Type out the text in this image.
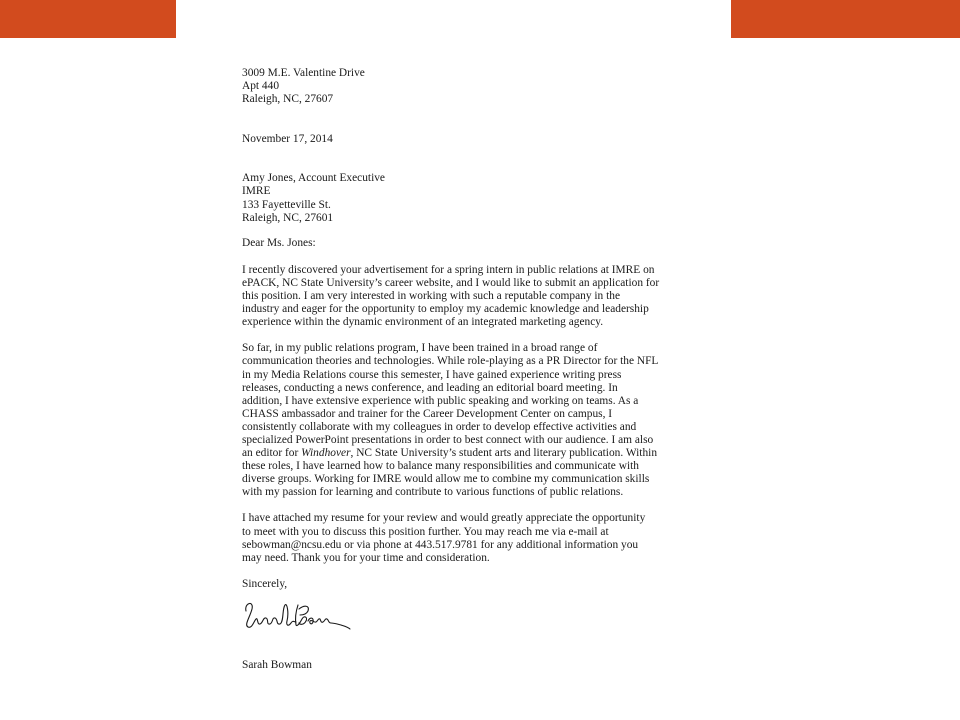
3009 M.E. Valentine Drive
Apt 440
Raleigh, NC, 27607
November 17, 2014
Amy Jones, Account Executive
IMRE
133 Fayetteville St.
Raleigh, NC, 27601
Dear Ms. Jones:
I recently discovered your advertisement for a spring intern in public relations at IMRE on
ePACK, NC State University’s career website, and I would like to submit an application for
this position. I am very interested in working with such a reputable company in the
industry and eager for the opportunity to employ my academic knowledge and leadership
experience within the dynamic environment of an integrated marketing agency.
So far, in my public relations program, I have been trained in a broad range of
communication theories and technologies. While role-playing as a PR Director for the NFL
in my Media Relations course this semester, I have gained experience writing press
releases, conducting a news conference, and leading an editorial board meeting. In
addition, I have extensive experience with public speaking and working on teams. As a
CHASS ambassador and trainer for the Career Development Center on campus, I
consistently collaborate with my colleagues in order to develop effective activities and
specialized PowerPoint presentations in order to best connect with our audience. I am also
an editor for Windhover, NC State University’s student arts and literary publication. Within
these roles, I have learned how to balance many responsibilities and communicate with
diverse groups. Working for IMRE would allow me to combine my communication skills
with my passion for learning and contribute to various functions of public relations.
I have attached my resume for your review and would greatly appreciate the opportunity
to meet with you to discuss this position further. You may reach me via e-mail at
sebowman@ncsu.edu or via phone at 443.517.9781 for any additional information you
may need. Thank you for your time and consideration.
Sincerely,
Sarah Bowman
